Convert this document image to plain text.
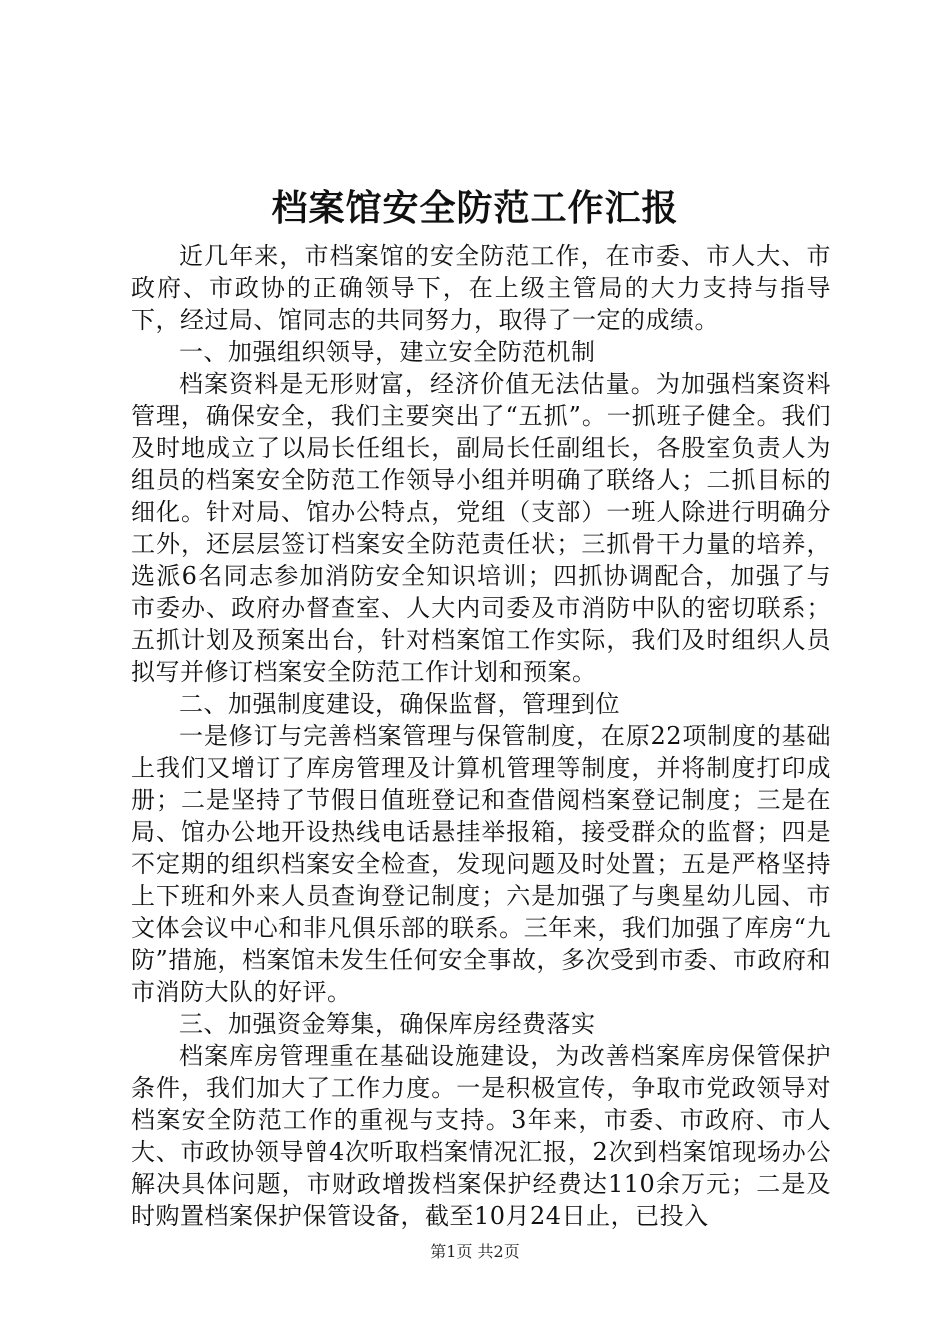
档案馆安全防范工作汇报

近几年来，市档案馆的安全防范工作，在市委、市人大、市政府、市政协的正确领导下，在上级主管局的大力支持与指导下，经过局、馆同志的共同努力，取得了一定的成绩。

一、加强组织领导，建立安全防范机制

档案资料是无形财富，经济价值无法估量。为加强档案资料管理，确保安全，我们主要突出了“五抓”。一抓班子健全。我们及时地成立了以局长任组长，副局长任副组长，各股室负责人为组员的档案安全防范工作领导小组并明确了联络人；二抓目标的细化。针对局、馆办公特点，党组（支部）一班人除进行明确分工外，还层层签订档案安全防范责任状；三抓骨干力量的培养，选派6名同志参加消防安全知识培训；四抓协调配合，加强了与市委办、政府办督查室、人大内司委及市消防中队的密切联系；五抓计划及预案出台，针对档案馆工作实际，我们及时组织人员拟写并修订档案安全防范工作计划和预案。

二、加强制度建设，确保监督，管理到位

一是修订与完善档案管理与保管制度，在原22项制度的基础上我们又增订了库房管理及计算机管理等制度，并将制度打印成册；二是坚持了节假日值班登记和查借阅档案登记制度；三是在局、馆办公地开设热线电话悬挂举报箱，接受群众的监督；四是不定期的组织档案安全检查，发现问题及时处置；五是严格坚持上下班和外来人员查询登记制度；六是加强了与奥星幼儿园、市文体会议中心和非凡俱乐部的联系。三年来，我们加强了库房“九防”措施，档案馆未发生任何安全事故，多次受到市委、市政府和市消防大队的好评。

三、加强资金筹集，确保库房经费落实

档案库房管理重在基础设施建设，为改善档案库房保管保护条件，我们加大了工作力度。一是积极宣传，争取市党政领导对档案安全防范工作的重视与支持。3年来，市委、市政府、市人大、市政协领导曾4次听取档案情况汇报，2次到档案馆现场办公解决具体问题，市财政增拨档案保护经费达110余万元；二是及时购置档案保护保管设备，截至10月24日止，已投入

第1页 共2页
